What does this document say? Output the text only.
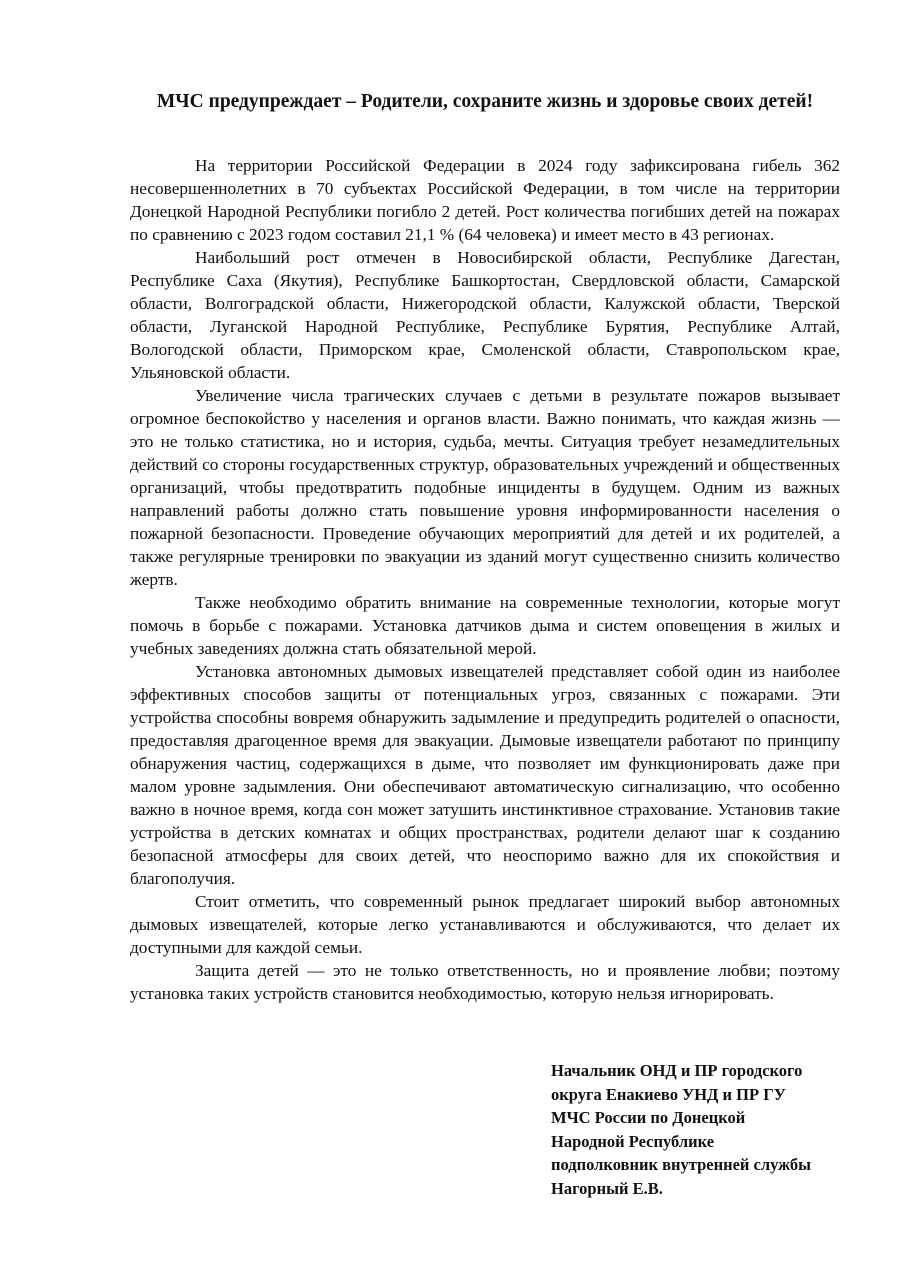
МЧС предупреждает – Родители, сохраните жизнь и здоровье своих детей!

На территории Российской Федерации в 2024 году зафиксирована гибель 362 несовершеннолетних в 70 субъектах Российской Федерации, в том числе на территории Донецкой Народной Республики погибло 2 детей. Рост количества погибших детей на пожарах по сравнению с 2023 годом составил 21,1 % (64 человека) и имеет место в 43 регионах.

Наибольший рост отмечен в Новосибирской области, Республике Дагестан, Республике Саха (Якутия), Республике Башкортостан, Свердловской области, Самарской области, Волгоградской области, Нижегородской области, Калужской области, Тверской области, Луганской Народной Республике, Республике Бурятия, Республике Алтай, Вологодской области, Приморском крае, Смоленской области, Ставропольском крае, Ульяновской области.

Увеличение числа трагических случаев с детьми в результате пожаров вызывает огромное беспокойство у населения и органов власти. Важно понимать, что каждая жизнь — это не только статистика, но и история, судьба, мечты. Ситуация требует незамедлительных действий со стороны государственных структур, образовательных учреждений и общественных организаций, чтобы предотвратить подобные инциденты в будущем. Одним из важных направлений работы должно стать повышение уровня информированности населения о пожарной безопасности. Проведение обучающих мероприятий для детей и их родителей, а также регулярные тренировки по эвакуации из зданий могут существенно снизить количество жертв.

Также необходимо обратить внимание на современные технологии, которые могут помочь в борьбе с пожарами. Установка датчиков дыма и систем оповещения в жилых и учебных заведениях должна стать обязательной мерой.

Установка автономных дымовых извещателей представляет собой один из наиболее эффективных способов защиты от потенциальных угроз, связанных с пожарами. Эти устройства способны вовремя обнаружить задымление и предупредить родителей о опасности, предоставляя драгоценное время для эвакуации. Дымовые извещатели работают по принципу обнаружения частиц, содержащихся в дыме, что позволяет им функционировать даже при малом уровне задымления. Они обеспечивают автоматическую сигнализацию, что особенно важно в ночное время, когда сон может затушить инстинктивное страхование. Установив такие устройства в детских комнатах и общих пространствах, родители делают шаг к созданию безопасной атмосферы для своих детей, что неоспоримо важно для их спокойствия и благополучия.

Стоит отметить, что современный рынок предлагает широкий выбор автономных дымовых извещателей, которые легко устанавливаются и обслуживаются, что делает их доступными для каждой семьи.

Защита детей — это не только ответственность, но и проявление любви; поэтому установка таких устройств становится необходимостью, которую нельзя игнорировать.

Начальник ОНД и ПР городского
округа Енакиево УНД и ПР ГУ
МЧС России по Донецкой
Народной Республике
подполковник внутренней службы
Нагорный Е.В.
